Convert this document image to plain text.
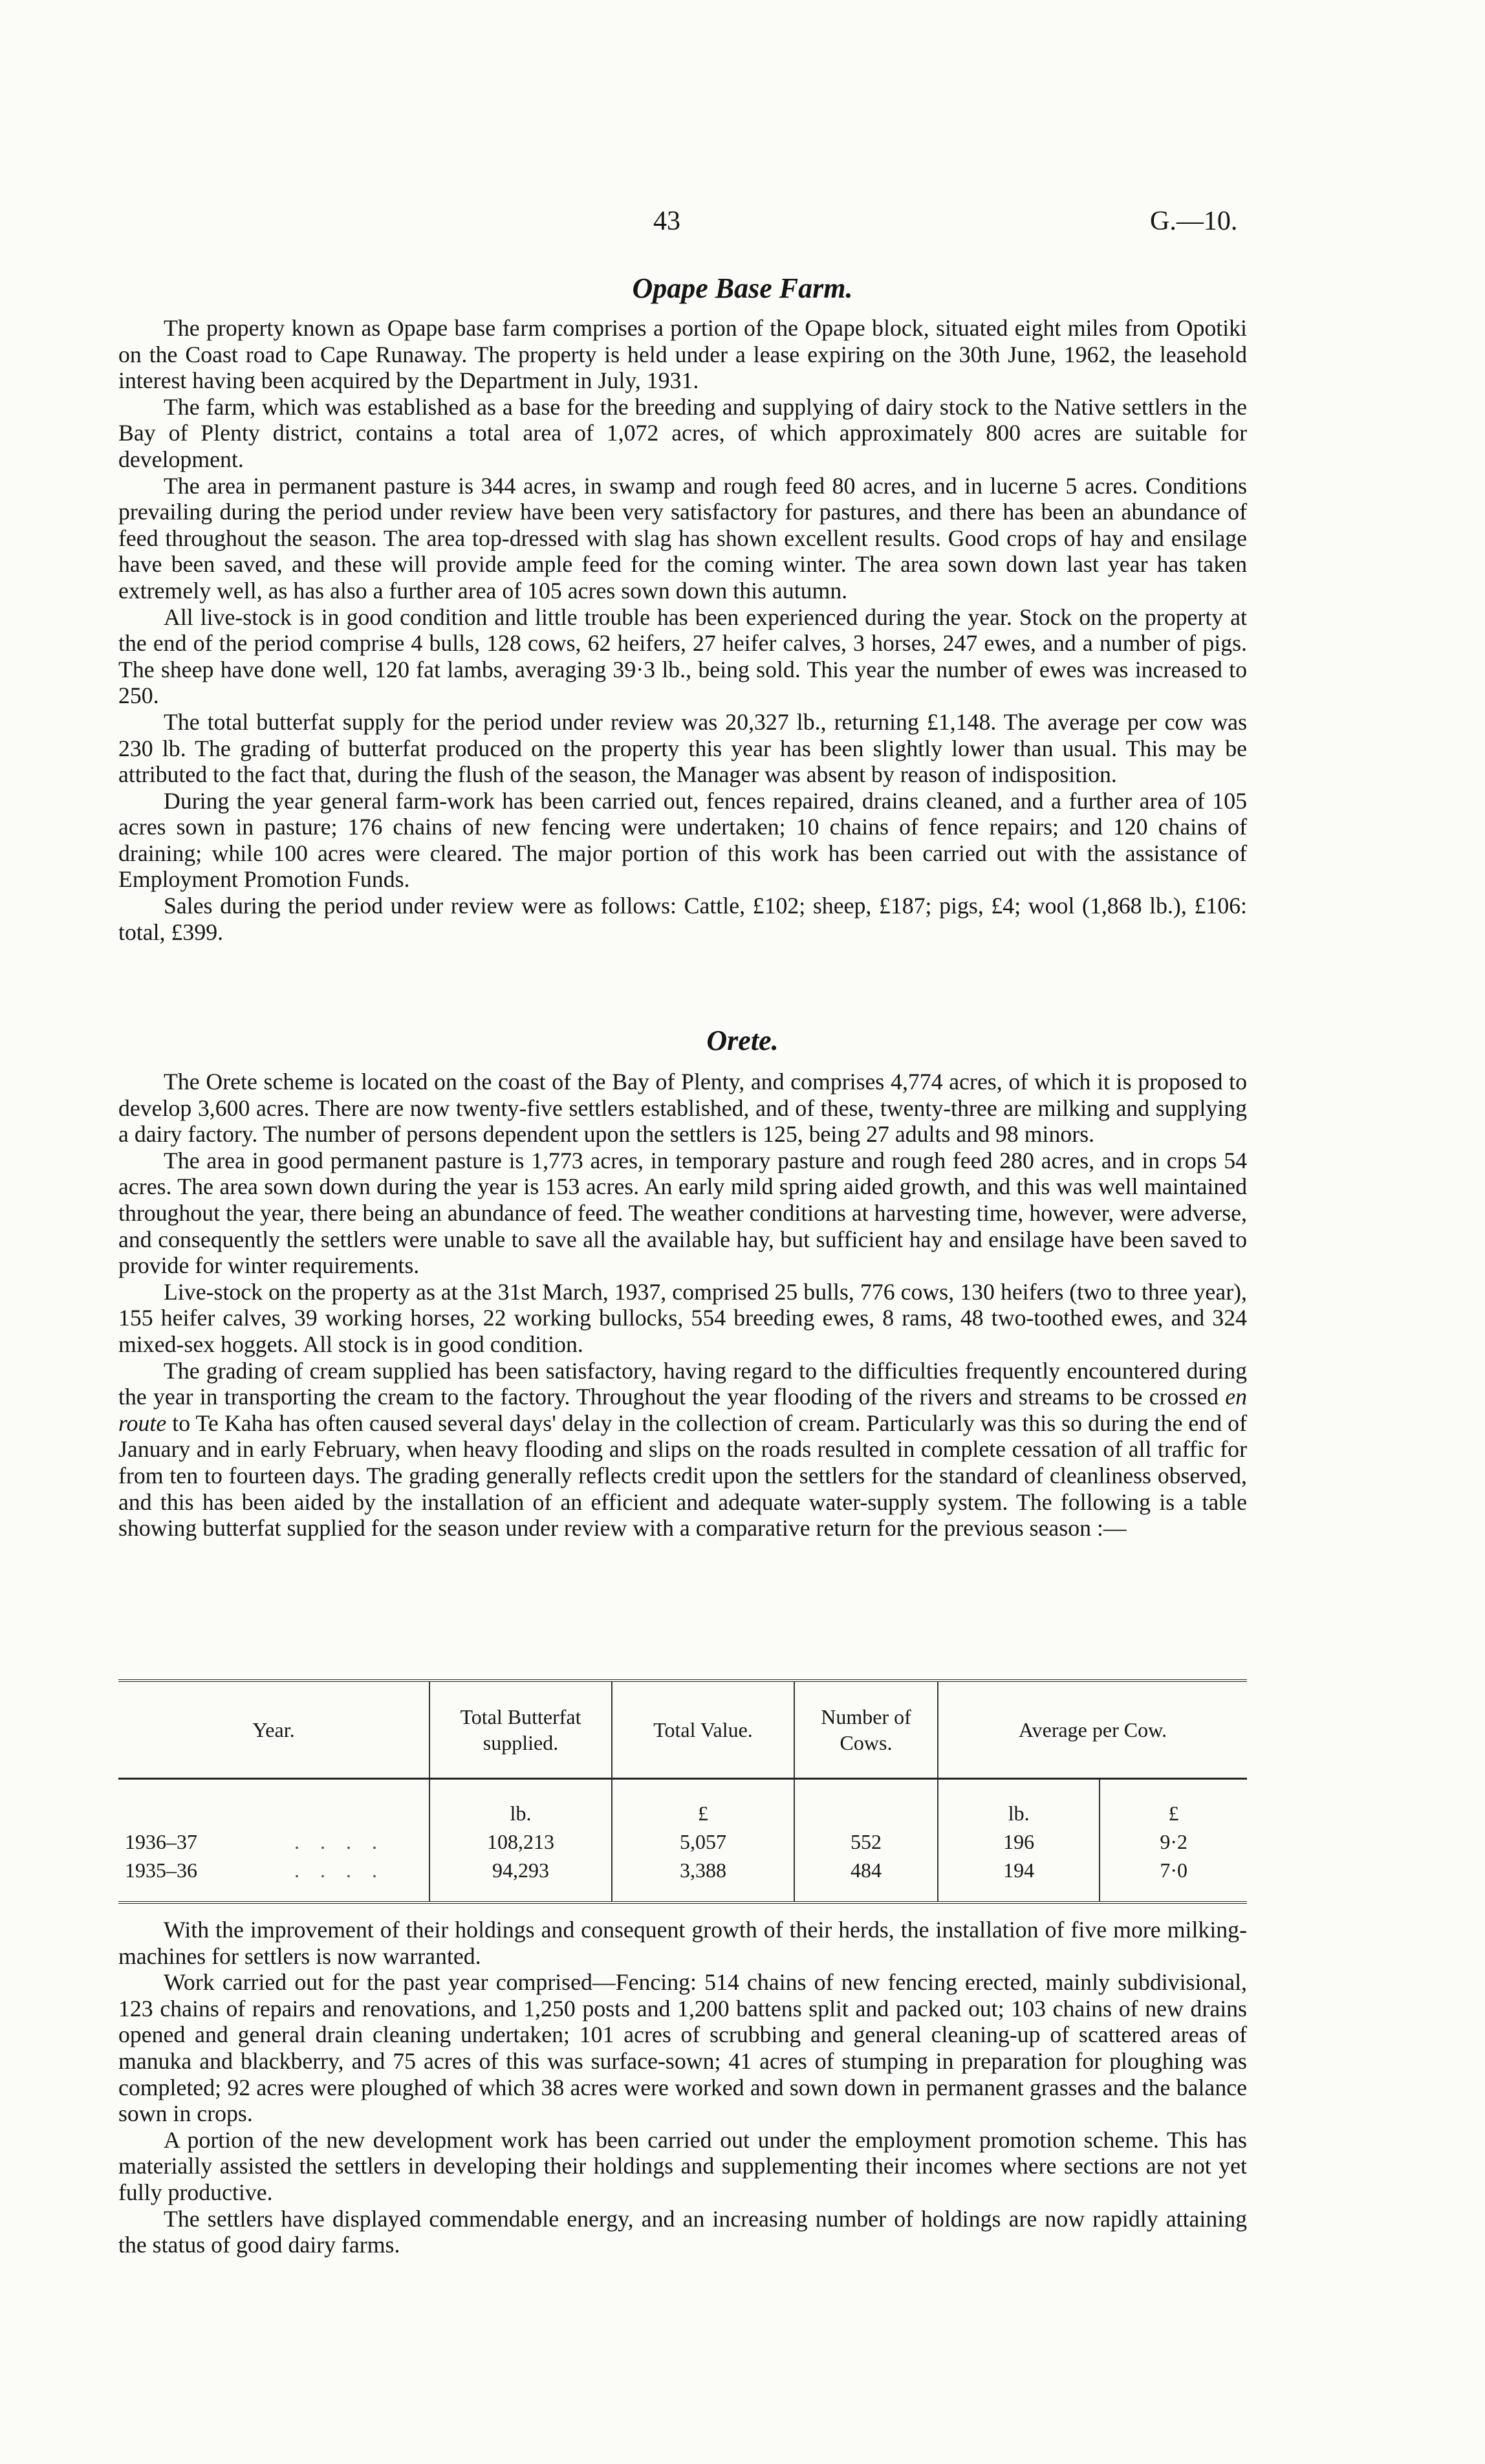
43	G.—10.
Opape Base Farm.

The property known as Opape base farm comprises a portion of the Opape block, situated eight miles from Opotiki on the Coast road to Cape Runaway. The property is held under a lease expiring on the 30th June, 1962, the leasehold interest having been acquired by the Department in July, 1931.

The farm, which was established as a base for the breeding and supplying of dairy stock to the Native settlers in the Bay of Plenty district, contains a total area of 1,072 acres, of which approximately 800 acres are suitable for development.

The area in permanent pasture is 344 acres, in swamp and rough feed 80 acres, and in lucerne 5 acres. Conditions prevailing during the period under review have been very satisfactory for pastures, and there has been an abundance of feed throughout the season. The area top-dressed with slag has shown excellent results. Good crops of hay and ensilage have been saved, and these will provide ample feed for the coming winter. The area sown down last year has taken extremely well, as has also a further area of 105 acres sown down this autumn.

All live-stock is in good condition and little trouble has been experienced during the year. Stock on the property at the end of the period comprise 4 bulls, 128 cows, 62 heifers, 27 heifer calves, 3 horses, 247 ewes, and a number of pigs. The sheep have done well, 120 fat lambs, averaging 39·3 lb., being sold. This year the number of ewes was increased to 250.

The total butterfat supply for the period under review was 20,327 lb., returning £1,148. The average per cow was 230 lb. The grading of butterfat produced on the property this year has been slightly lower than usual. This may be attributed to the fact that, during the flush of the season, the Manager was absent by reason of indisposition.

During the year general farm-work has been carried out, fences repaired, drains cleaned, and a further area of 105 acres sown in pasture; 176 chains of new fencing were undertaken; 10 chains of fence repairs; and 120 chains of draining; while 100 acres were cleared. The major portion of this work has been carried out with the assistance of Employment Promotion Funds.

Sales during the period under review were as follows: Cattle, £102; sheep, £187; pigs, £4; wool (1,868 lb.), £106: total, £399.

Orete.

The Orete scheme is located on the coast of the Bay of Plenty, and comprises 4,774 acres, of which it is proposed to develop 3,600 acres. There are now twenty-five settlers established, and of these, twenty-three are milking and supplying a dairy factory. The number of persons dependent upon the settlers is 125, being 27 adults and 98 minors.

The area in good permanent pasture is 1,773 acres, in temporary pasture and rough feed 280 acres, and in crops 54 acres. The area sown down during the year is 153 acres. An early mild spring aided growth, and this was well maintained throughout the year, there being an abundance of feed. The weather conditions at harvesting time, however, were adverse, and consequently the settlers were unable to save all the available hay, but sufficient hay and ensilage have been saved to provide for winter requirements.

Live-stock on the property as at the 31st March, 1937, comprised 25 bulls, 776 cows, 130 heifers (two to three year), 155 heifer calves, 39 working horses, 22 working bullocks, 554 breeding ewes, 8 rams, 48 two-toothed ewes, and 324 mixed-sex hoggets. All stock is in good condition.

The grading of cream supplied has been satisfactory, having regard to the difficulties frequently encountered during the year in transporting the cream to the factory. Throughout the year flooding of the rivers and streams to be crossed en route to Te Kaha has often caused several days' delay in the collection of cream. Particularly was this so during the end of January and in early February, when heavy flooding and slips on the roads resulted in complete cessation of all traffic for from ten to fourteen days. The grading generally reflects credit upon the settlers for the standard of cleanliness observed, and this has been aided by the installation of an efficient and adequate water-supply system. The following is a table showing butterfat supplied for the season under review with a comparative return for the previous season :—

Year.	Total Butterfat supplied.	Total Value.	Number of Cows.	Average per Cow.	
	lb.	£		lb.	£
1936–37 ....	108,213	5,057	552	196	9·2
1935–36 ....	94,293	3,388	484	194	7·0

With the improvement of their holdings and consequent growth of their herds, the installation of five more milking-machines for settlers is now warranted.

Work carried out for the past year comprised—Fencing: 514 chains of new fencing erected, mainly subdivisional, 123 chains of repairs and renovations, and 1,250 posts and 1,200 battens split and packed out; 103 chains of new drains opened and general drain cleaning undertaken; 101 acres of scrubbing and general cleaning-up of scattered areas of manuka and blackberry, and 75 acres of this was surface-sown; 41 acres of stumping in preparation for ploughing was completed; 92 acres were ploughed of which 38 acres were worked and sown down in permanent grasses and the balance sown in crops.

A portion of the new development work has been carried out under the employment promotion scheme. This has materially assisted the settlers in developing their holdings and supplementing their incomes where sections are not yet fully productive.

The settlers have displayed commendable energy, and an increasing number of holdings are now rapidly attaining the status of good dairy farms.
